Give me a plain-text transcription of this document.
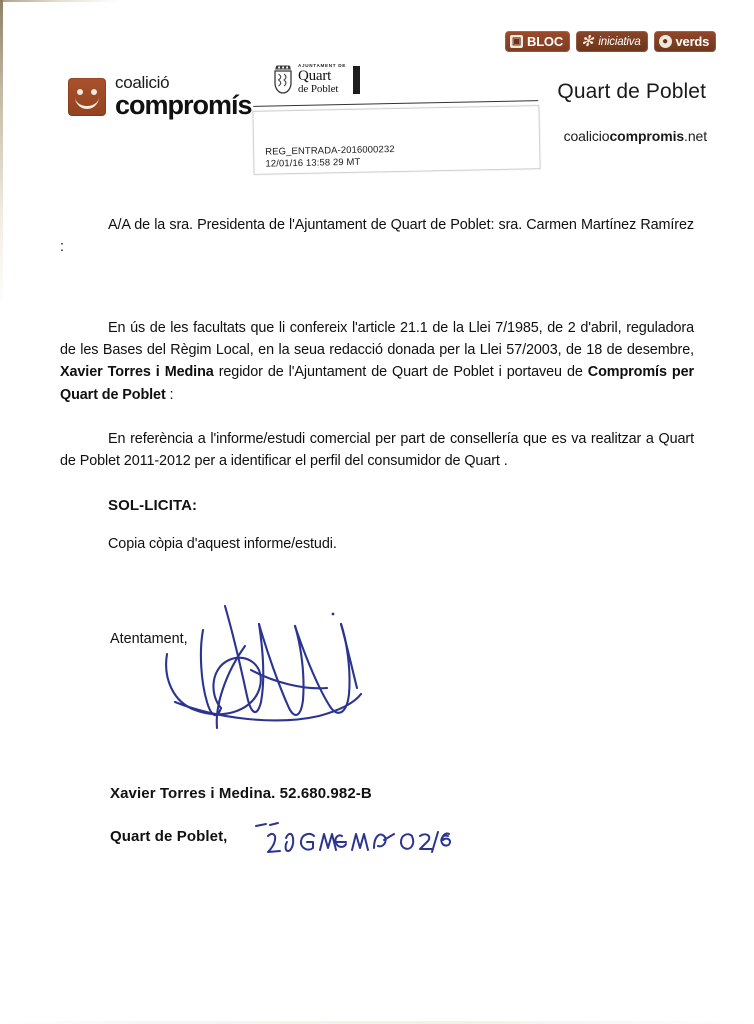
▣ BLOC ✻ iniciativa	● verds
coalició
compromís
AJUNTAMENT DE
Quart
de Poblet	Quart de Poblet
coaliciocompromis.net
REG_ENTRADA-2016000232
12/01/16 13:58 29 MT

A/A de la sra. Presidenta de l'Ajuntament de Quart de Poblet: sra. Carmen Martínez Ramírez :

En ús de les facultats que li confereix l'article 21.1 de la Llei 7/1985, de 2 d'abril, reguladora de les Bases del Règim Local, en la seua redacció donada per la Llei 57/2003, de 18 de desembre, Xavier Torres i Medina regidor de l'Ajuntament de Quart de Poblet i portaveu de Compromís per Quart de Poblet :

En referència a l'informe/estudi comercial per part de consellería que es va realitzar a Quart de Poblet 2011-2012 per a identificar el perfil del consumidor de Quart .

SOL-LICITA:

Copia còpia d'aquest informe/estudi.

Atentament,
Xavier Torres i Medina. 52.680.982-B
Quart de Poblet,
